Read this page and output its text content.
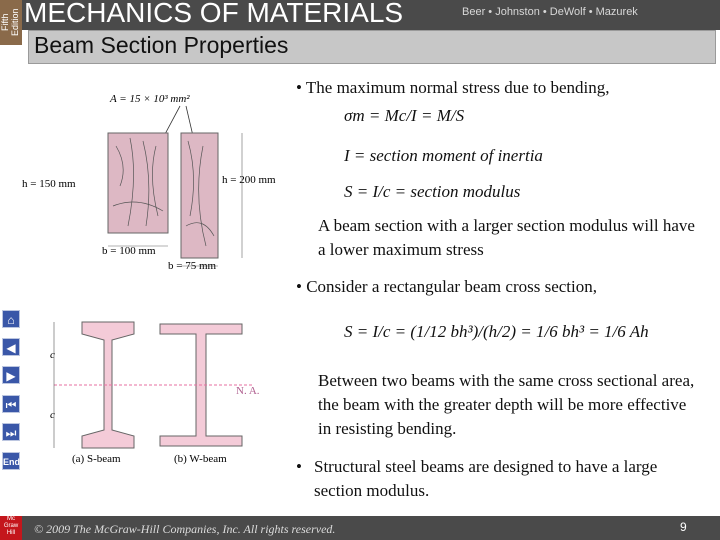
Fifth Edition
⌂
◀
▶
⏮
⏭
End
Mc
Graw
Hill
MECHANICS OF MATERIALS	Beer • Johnston • DeWolf • Mazurek
Beam Section Properties
A = 15 × 10³ mm²
h = 150 mm	h = 200 mm
b = 100 mm
b = 75 mm
c
c
N. A.
(a) S-beam	(b) W-beam
• The maximum normal stress due to bending,
σm = Mc/I = M/S
I = section moment of inertia
S = I/c = section modulus
A beam section with a larger section modulus will have a lower maximum stress
• Consider a rectangular beam cross section,
S = I/c = (1/12 bh³)/(h/2) = 1/6 bh³ = 1/6 Ah
Between two beams with the same cross sectional area, the beam with the greater depth will be more effective in resisting bending.
• Structural steel beams are designed to have a large section modulus.
© 2009 The McGraw-Hill Companies, Inc. All rights reserved.	9
